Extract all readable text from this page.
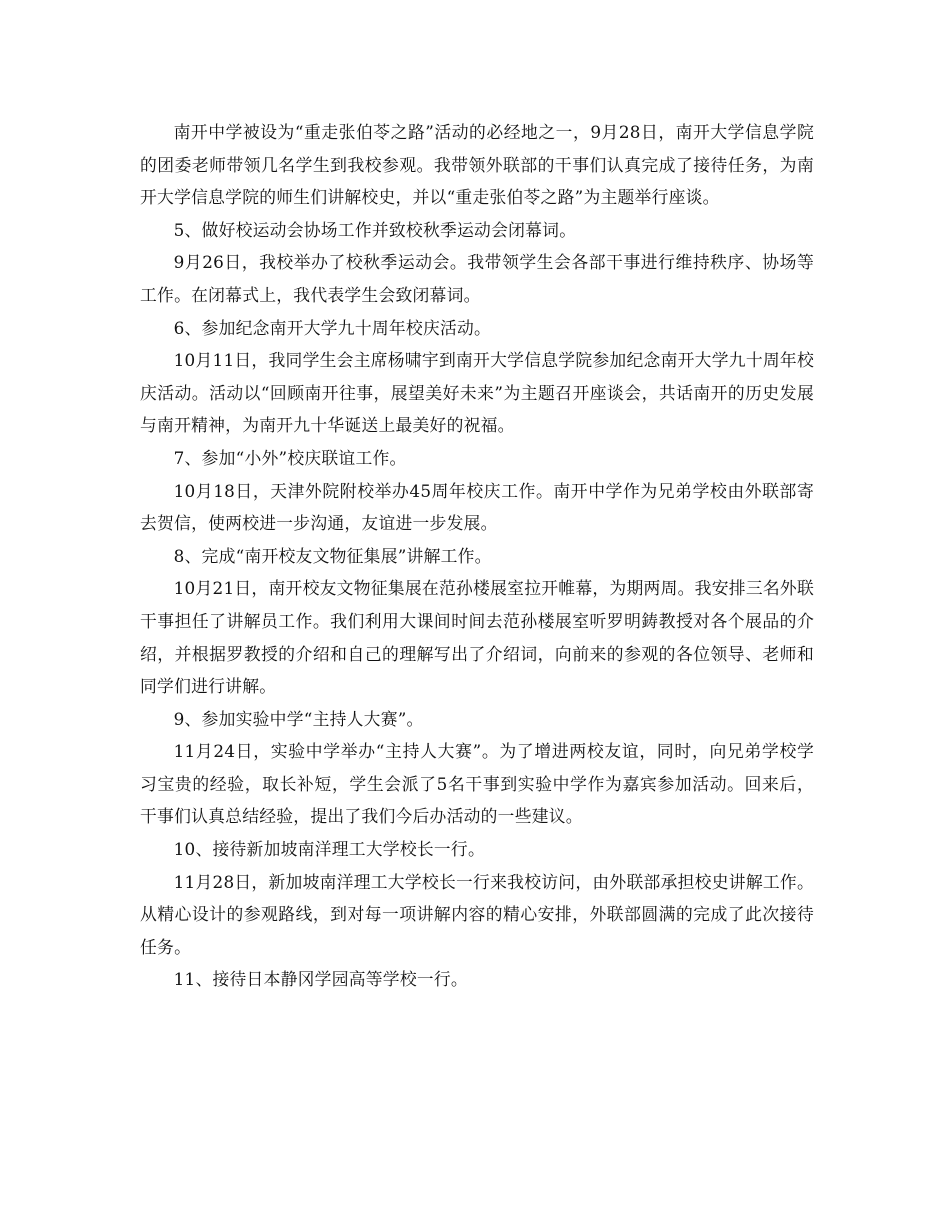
南开中学被设为“重走张伯苓之路”活动的必经地之一，9月28日，南开大学信息学院的团委老师带领几名学生到我校参观。我带领外联部的干事们认真完成了接待任务，为南开大学信息学院的师生们讲解校史，并以“重走张伯苓之路”为主题举行座谈。

5、做好校运动会协场工作并致校秋季运动会闭幕词。

9月26日，我校举办了校秋季运动会。我带领学生会各部干事进行维持秩序、协场等工作。在闭幕式上，我代表学生会致闭幕词。

6、参加纪念南开大学九十周年校庆活动。

10月11日，我同学生会主席杨啸宇到南开大学信息学院参加纪念南开大学九十周年校庆活动。活动以“回顾南开往事，展望美好未来”为主题召开座谈会，共话南开的历史发展与南开精神，为南开九十华诞送上最美好的祝福。

7、参加“小外”校庆联谊工作。

10月18日，天津外院附校举办45周年校庆工作。南开中学作为兄弟学校由外联部寄去贺信，使两校进一步沟通，友谊进一步发展。

8、完成“南开校友文物征集展”讲解工作。

10月21日，南开校友文物征集展在范孙楼展室拉开帷幕，为期两周。我安排三名外联干事担任了讲解员工作。我们利用大课间时间去范孙楼展室听罗明鋳教授对各个展品的介绍，并根据罗教授的介绍和自己的理解写出了介绍词，向前来的参观的各位领导、老师和同学们进行讲解。

9、参加实验中学“主持人大赛”。

11月24日，实验中学举办“主持人大赛”。为了增进两校友谊，同时，向兄弟学校学习宝贵的经验，取长补短，学生会派了5名干事到实验中学作为嘉宾参加活动。回来后，干事们认真总结经验，提出了我们今后办活动的一些建议。

10、接待新加坡南洋理工大学校长一行。

11月28日，新加坡南洋理工大学校长一行来我校访问，由外联部承担校史讲解工作。从精心设计的参观路线，到对每一项讲解内容的精心安排，外联部圆满的完成了此次接待任务。

11、接待日本静冈学园高等学校一行。
